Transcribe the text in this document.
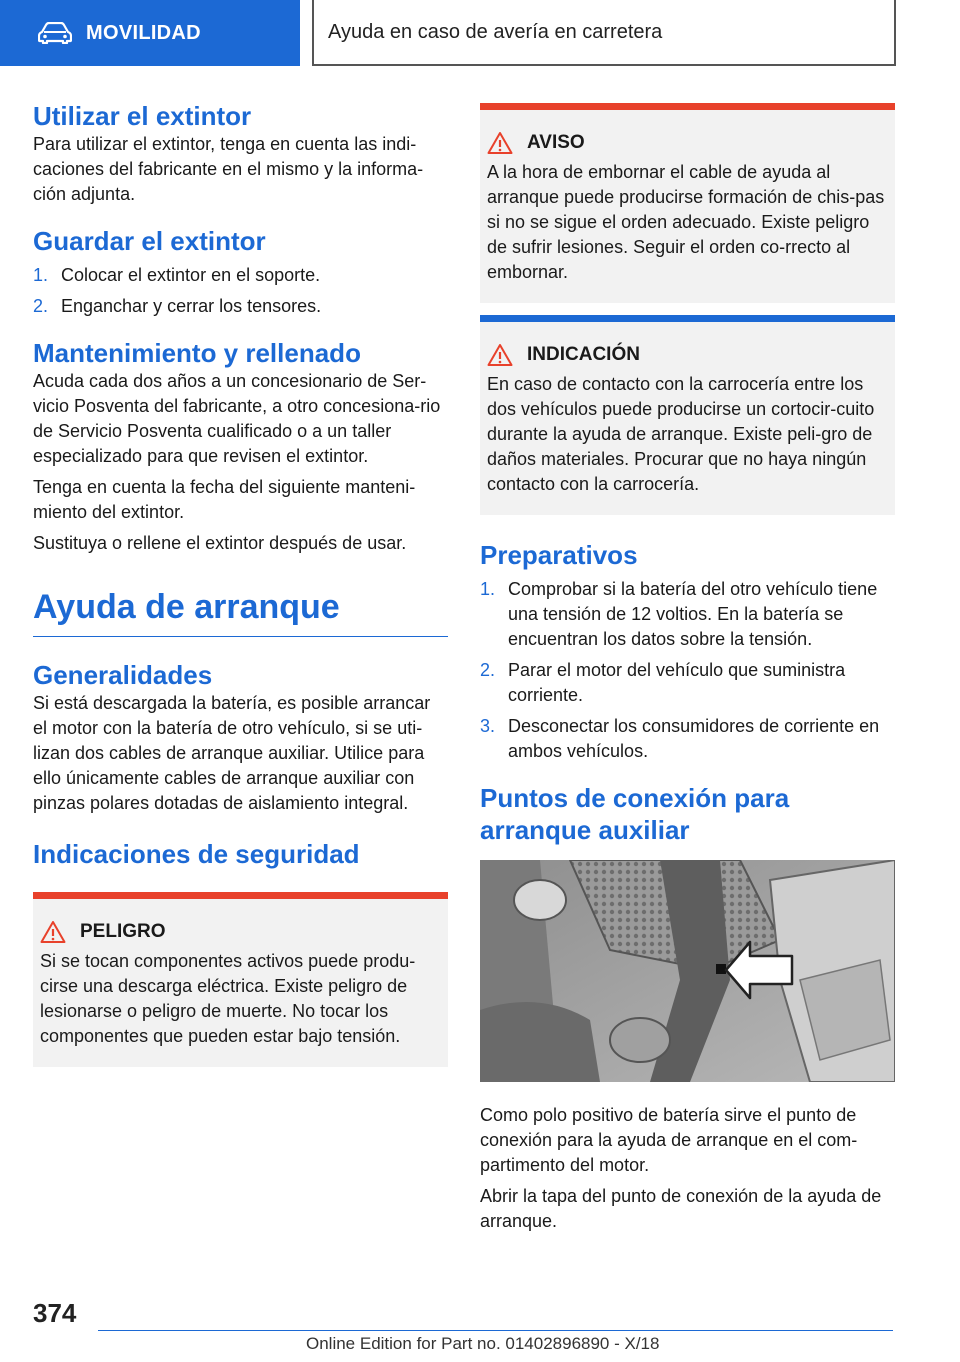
MOVILIDAD	Ayuda en caso de avería en carretera
Utilizar el extintor

Para utilizar el extintor, tenga en cuenta las indi-caciones del fabricante en el mismo y la informa-ción adjunta.

Guardar el extintor
1. Colocar el extintor en el soporte.
2. Enganchar y cerrar los tensores.
Mantenimiento y rellenado

Acuda cada dos años a un concesionario de Ser-vicio Posventa del fabricante, a otro concesiona-rio de Servicio Posventa cualificado o a un taller especializado para que revisen el extintor.

Tenga en cuenta la fecha del siguiente manteni-miento del extintor.

Sustituya o rellene el extintor después de usar.

Ayuda de arranque
Generalidades

Si está descargada la batería, es posible arrancar el motor con la batería de otro vehículo, si se uti-lizan dos cables de arranque auxiliar. Utilice para ello únicamente cables de arranque auxiliar con pinzas polares dotadas de aislamiento integral.

Indicaciones de seguridad
PELIGRO

Si se tocan componentes activos puede produ-cirse una descarga eléctrica. Existe peligro de lesionarse o peligro de muerte. No tocar los componentes que pueden estar bajo tensión.

AVISO

A la hora de embornar el cable de ayuda al arranque puede producirse formación de chis-pas si no se sigue el orden adecuado. Existe peligro de sufrir lesiones. Seguir el orden co-rrecto al embornar.

INDICACIÓN

En caso de contacto con la carrocería entre los dos vehículos puede producirse un cortocir-cuito durante la ayuda de arranque. Existe peli-gro de daños materiales. Procurar que no haya ningún contacto con la carrocería.

Preparativos
1. Comprobar si la batería del otro vehículo tiene una tensión de 12 voltios. En la batería se encuentran los datos sobre la tensión.
2. Parar el motor del vehículo que suministra corriente.
3. Desconectar los consumidores de corriente en ambos vehículos.
Puntos de conexión para arranque auxiliar

Como polo positivo de batería sirve el punto de conexión para la ayuda de arranque en el com-partimento del motor.

Abrir la tapa del punto de conexión de la ayuda de arranque.

374
Online Edition for Part no. 01402896890 - X/18
